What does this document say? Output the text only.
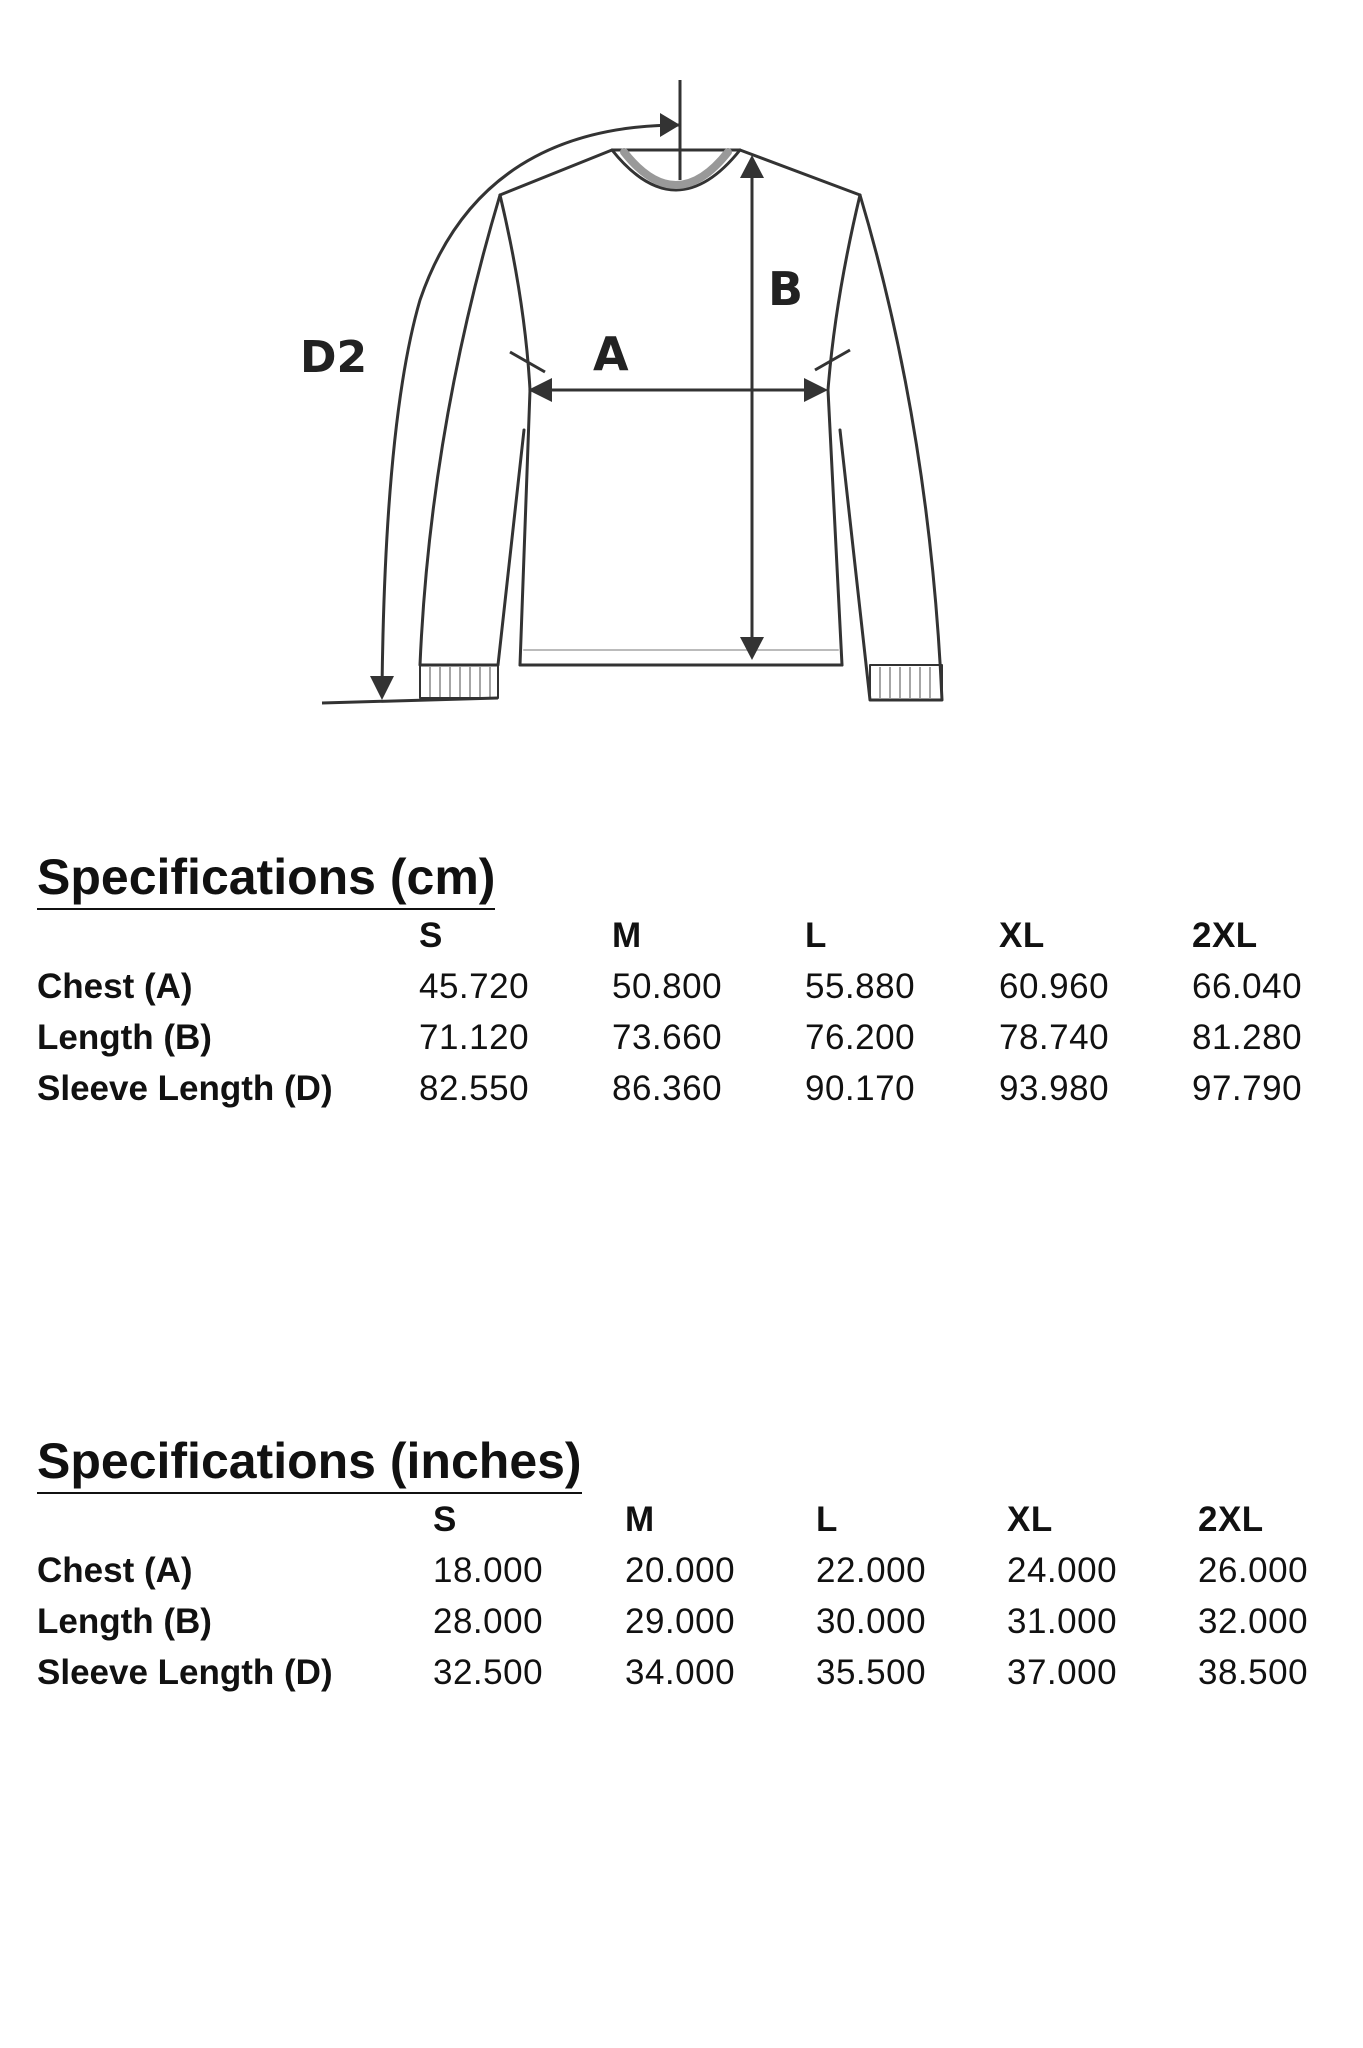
D2	A
B
Specifications (cm)
S	M	L	XL	2XL
Chest (A)	45.720 50.800 55.880 60.960 66.040
Length (B)	71.120 73.660 76.200 78.740 81.280
Sleeve Length (D) 82.550 86.360 90.170 93.980 97.790
Specifications (inches)
S	M	L	XL	2XL
Chest (A)	18.000 20.000 22.000 24.000 26.000
Length (B)	28.000 29.000 30.000 31.000 32.000
Sleeve Length (D)	32.500 34.000 35.500 37.000 38.500
